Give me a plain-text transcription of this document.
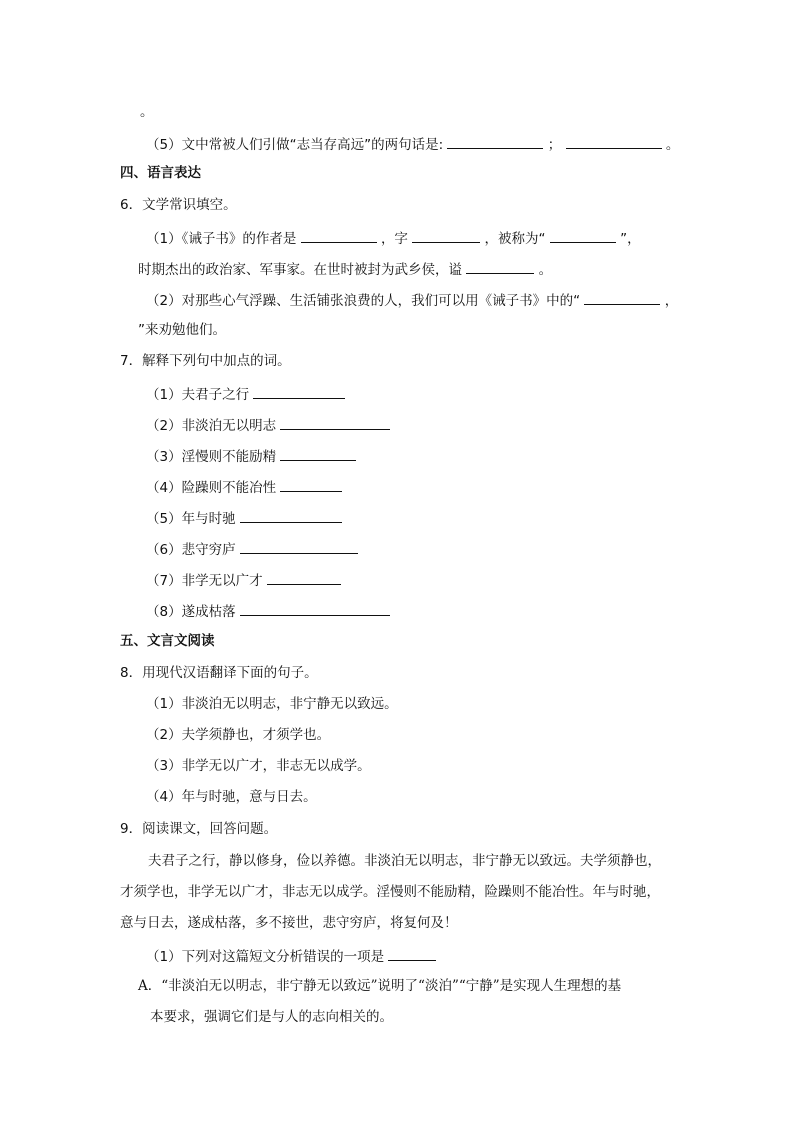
。
（5）文中常被人们引做“志当存高远”的两句话是:	；	。
四、语言表达
6．文学常识填空。
（1）《诫子书》的作者是	，字	，被称为“	”，
时期杰出的政治家、军事家。在世时被封为武乡侯，谥	。
（2）对那些心气浮躁、生活铺张浪费的人，我们可以用《诫子书》中的“	，
”来劝勉他们。
7．解释下列句中加点的词。
（1）夫君子之行
（2）非淡泊无以明志
（3）淫慢则不能励精
（4）险躁则不能冶性
（5）年与时驰
（6）悲守穷庐
（7）非学无以广才
（8）遂成枯落
五、文言文阅读
8．用现代汉语翻译下面的句子。
（1）非淡泊无以明志，非宁静无以致远。
（2）夫学须静也，才须学也。
（3）非学无以广才，非志无以成学。
（4）年与时驰，意与日去。
9．阅读课文，回答问题。
夫君子之行，静以修身，俭以养德。非淡泊无以明志，非宁静无以致远。夫学须静也，
才须学也，非学无以广才，非志无以成学。淫慢则不能励精，险躁则不能冶性。年与时驰，
意与日去，遂成枯落，多不接世，悲守穷庐，将复何及！
（1）下列对这篇短文分析错误的一项是
A．“非淡泊无以明志，非宁静无以致远”说明了“淡泊”“宁静”是实现人生理想的基
本要求，强调它们是与人的志向相关的。
